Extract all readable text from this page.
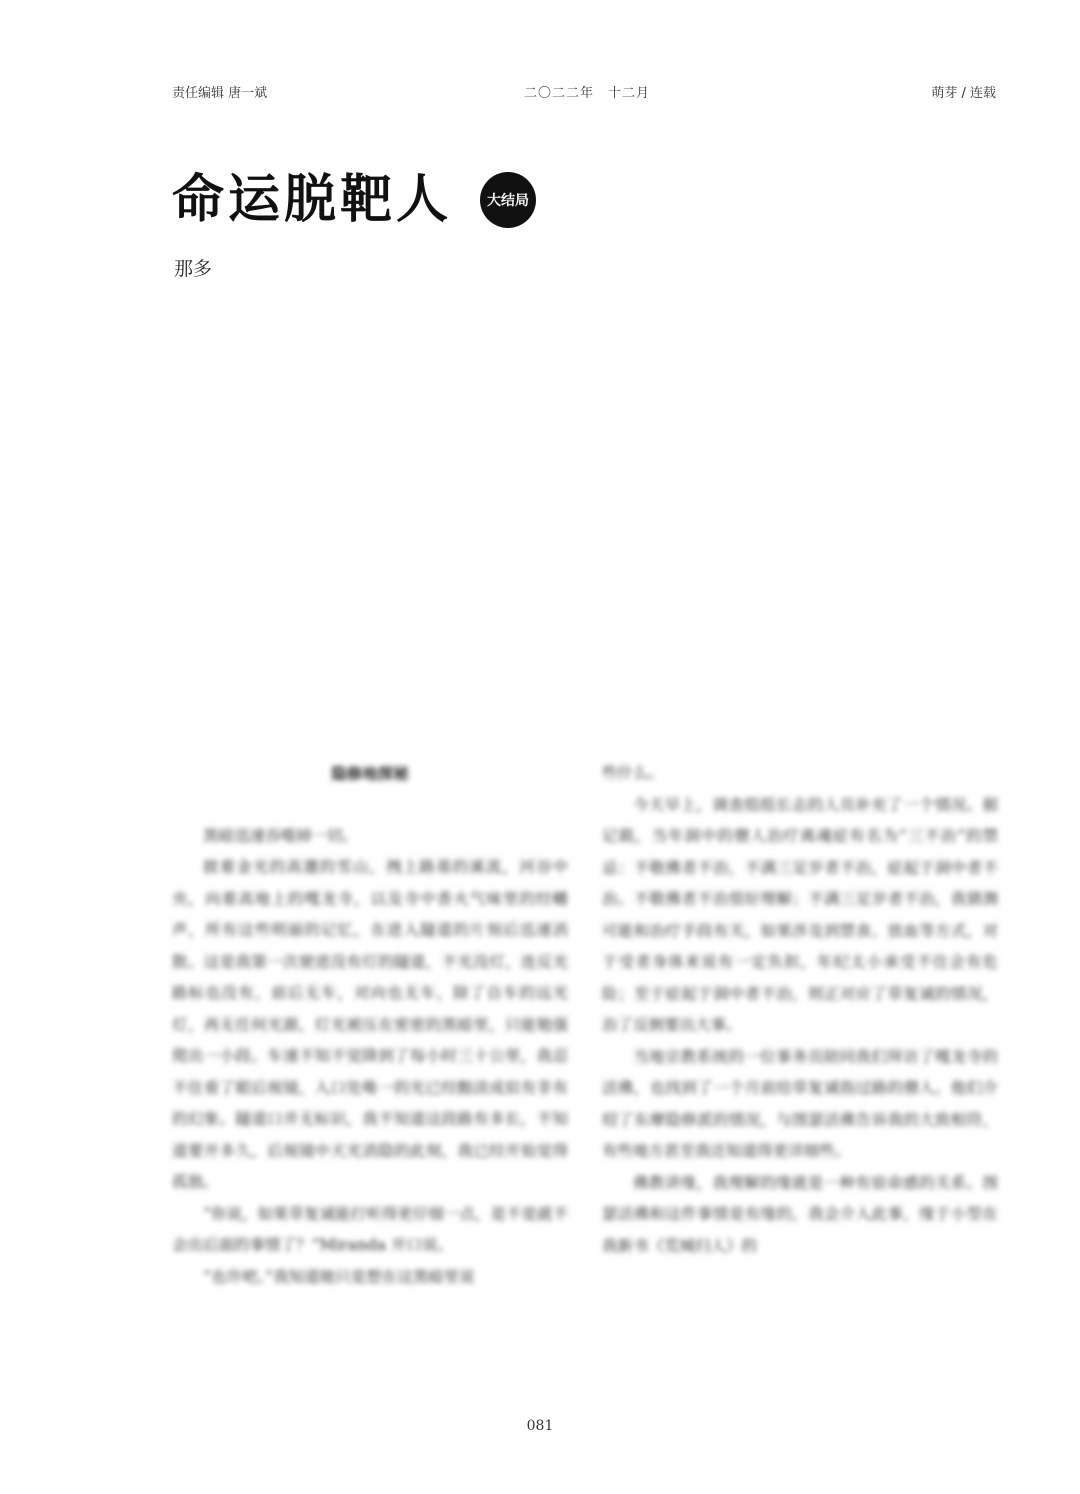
责任编辑 唐一斌	二〇二二年　十二月	萌芽 / 连载
命运脱靶人	大结局
那多

隐修地探秘

黑暗迅速吞噬掉一切。

披着金光的高邈的雪山，拽上路基的溪流，河谷中央，向着高地上的嘎龙寺，以及寺中香火气味里的经幡声，所有这些明丽的记忆，在进入隧道的片刻后迅速消散。这是我第一次驶进没有灯的隧道，不光没灯，连反光路标也没有，前后无车，对向也无车，除了自车的远光灯，再无任何光源，灯光被压在密密的黑暗里，只能勉强爬出一小段。车速不知不觉降到了每小时三十公里，我忍不住看了眼后视镜，入口处唯一的光已经黯淡成似有非有的幻象。隧道口并无标识，我不知道这段路有多长，不知道要开多久，后视镜中天光消隐的此刻，我已经开始觉得孤独。

“你说，如果草复诚能打听得更仔细一点，是不是就不会出后面的事情了？”Miranda 开口说。

“也许吧。”我知道她只是想在这黑暗里说

些什么。

今天早上，调查组组长志的人员补充了一个情况。据记载，当年洞中的僧人治疗离魂症有名为“三不治”的禁忌：不敬佛者不治，不满三足岁者不治，症起于洞中者不治。不敬佛者不治很好理解；不满三足岁者不治，我猜测可能和治疗手段有关，如果涉及到禁食、放血等方式，对于受者身体来说有一定负担，年纪太小承受不住会有危险；至于症起于洞中者不治，则正对应了草复诚的情况，治了反倒要出大事。

当地宗教系统的一位事务员陪同我们拜访了嘎龙寺的活佛，也找到了一个月前给草复诚指过路的僧人。他们介绍了东摩隐修派的情况，与图瑟活佛告诉我的大致相符，有些地方甚至我还知道得更详细些。

佛教讲缘，我理解的缘就是一种有宿命感的关系。图瑟活佛和这件事情是有缘的，我会介入此事，缘于小型在我新书《荒城归人》的

081
